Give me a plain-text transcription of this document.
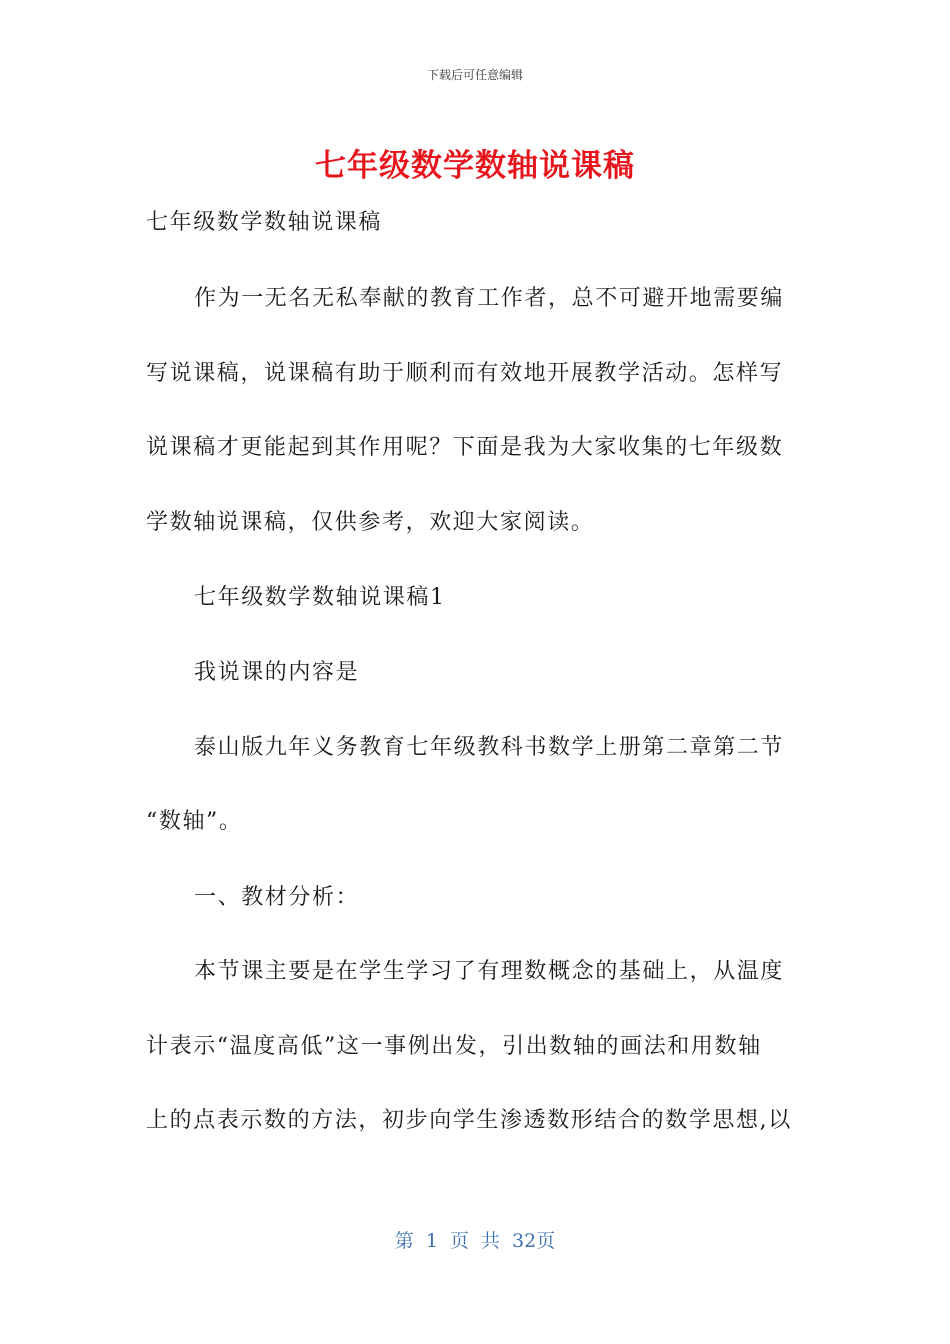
下载后可任意编辑
七年级数学数轴说课稿
七年级数学数轴说课稿
作为一无名无私奉献的教育工作者，总不可避开地需要编
写说课稿，说课稿有助于顺利而有效地开展教学活动。怎样写
说课稿才更能起到其作用呢？下面是我为大家收集的七年级数
学数轴说课稿，仅供参考，欢迎大家阅读。
七年级数学数轴说课稿1
我说课的内容是
泰山版九年义务教育七年级教科书数学上册第二章第二节
“数轴”。
一、教材分析：
本节课主要是在学生学习了有理数概念的基础上，从温度
计表示“温度高低”这一事例出发，引出数轴的画法和用数轴
上的点表示数的方法，初步向学生渗透数形结合的数学思想,以
第 1 页 共 32页
